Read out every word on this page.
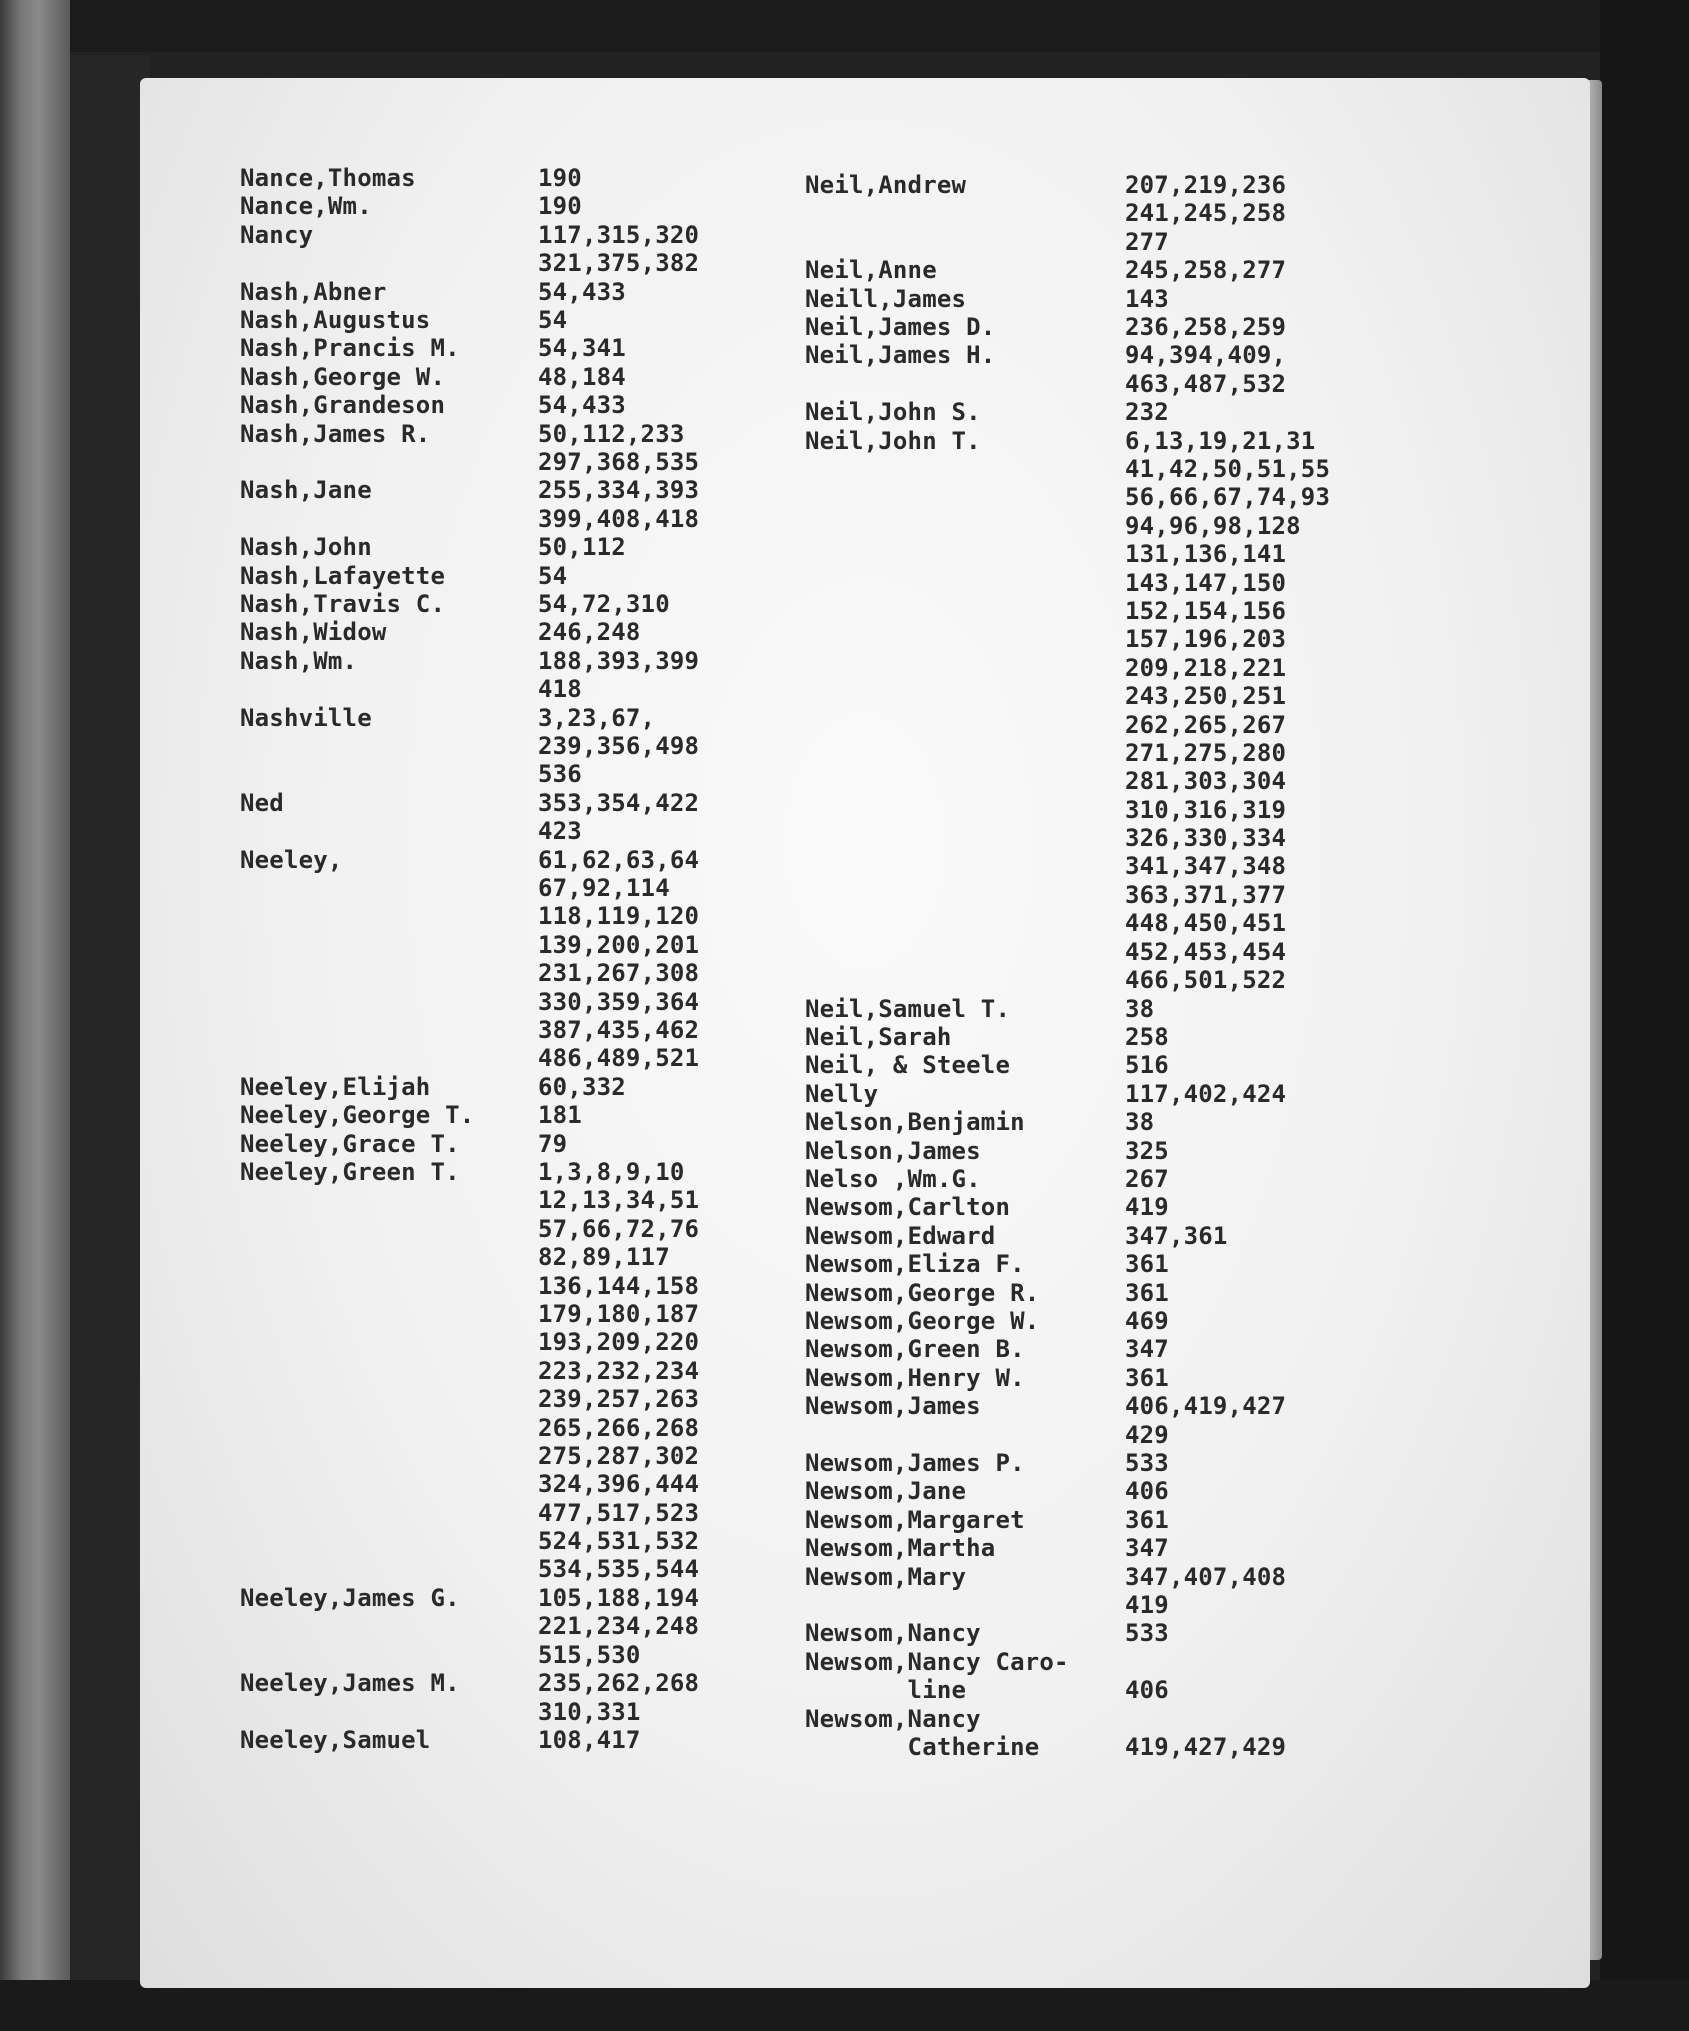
Nance,Thomas	190
Nance,Wm.	190
Nancy	117,315,320
321,375,382
Nash,Abner	54,433
Nash,Augustus	54
Nash,Prancis M.	54,341
Nash,George W.	48,184
Nash,Grandeson	54,433
Nash,James R.	50,112,233
297,368,535
Nash,Jane	255,334,393
399,408,418
Nash,John	50,112
Nash,Lafayette	54
Nash,Travis C.	54,72,310
Nash,Widow	246,248
Nash,Wm.	188,393,399
418
Nashville	3,23,67,
239,356,498
536
Ned	353,354,422
423
Neeley,	61,62,63,64
67,92,114
118,119,120
139,200,201
231,267,308
330,359,364
387,435,462
486,489,521
Neeley,Elijah	60,332
Neeley,George T.	181
Neeley,Grace T.	79
Neeley,Green T.	1,3,8,9,10
12,13,34,51
57,66,72,76
82,89,117
136,144,158
179,180,187
193,209,220
223,232,234
239,257,263
265,266,268
275,287,302
324,396,444
477,517,523
524,531,532
534,535,544
Neeley,James G.	105,188,194
221,234,248
515,530
Neeley,James M.	235,262,268
310,331
Neeley,Samuel	108,417
Neil,Andrew	207,219,236
241,245,258
277
Neil,Anne	245,258,277
Neill,James	143
Neil,James D.	236,258,259
Neil,James H.	94,394,409,
463,487,532
Neil,John S.	232
Neil,John T.	6,13,19,21,31
41,42,50,51,55
56,66,67,74,93
94,96,98,128
131,136,141
143,147,150
152,154,156
157,196,203
209,218,221
243,250,251
262,265,267
271,275,280
281,303,304
310,316,319
326,330,334
341,347,348
363,371,377
448,450,451
452,453,454
466,501,522
Neil,Samuel T.	38
Neil,Sarah	258
Neil, & Steele	516
Nelly	117,402,424
Nelson,Benjamin	38
Nelson,James	325
Nelso ,Wm.G.	267
Newsom,Carlton	419
Newsom,Edward	347,361
Newsom,Eliza F.	361
Newsom,George R.	361
Newsom,George W.	469
Newsom,Green B.	347
Newsom,Henry W.	361
Newsom,James	406,419,427
429
Newsom,James P.	533
Newsom,Jane	406
Newsom,Margaret	361
Newsom,Martha	347
Newsom,Mary	347,407,408
419
Newsom,Nancy	533
Newsom,Nancy Caro-
line	406
Newsom,Nancy
Catherine	419,427,429
